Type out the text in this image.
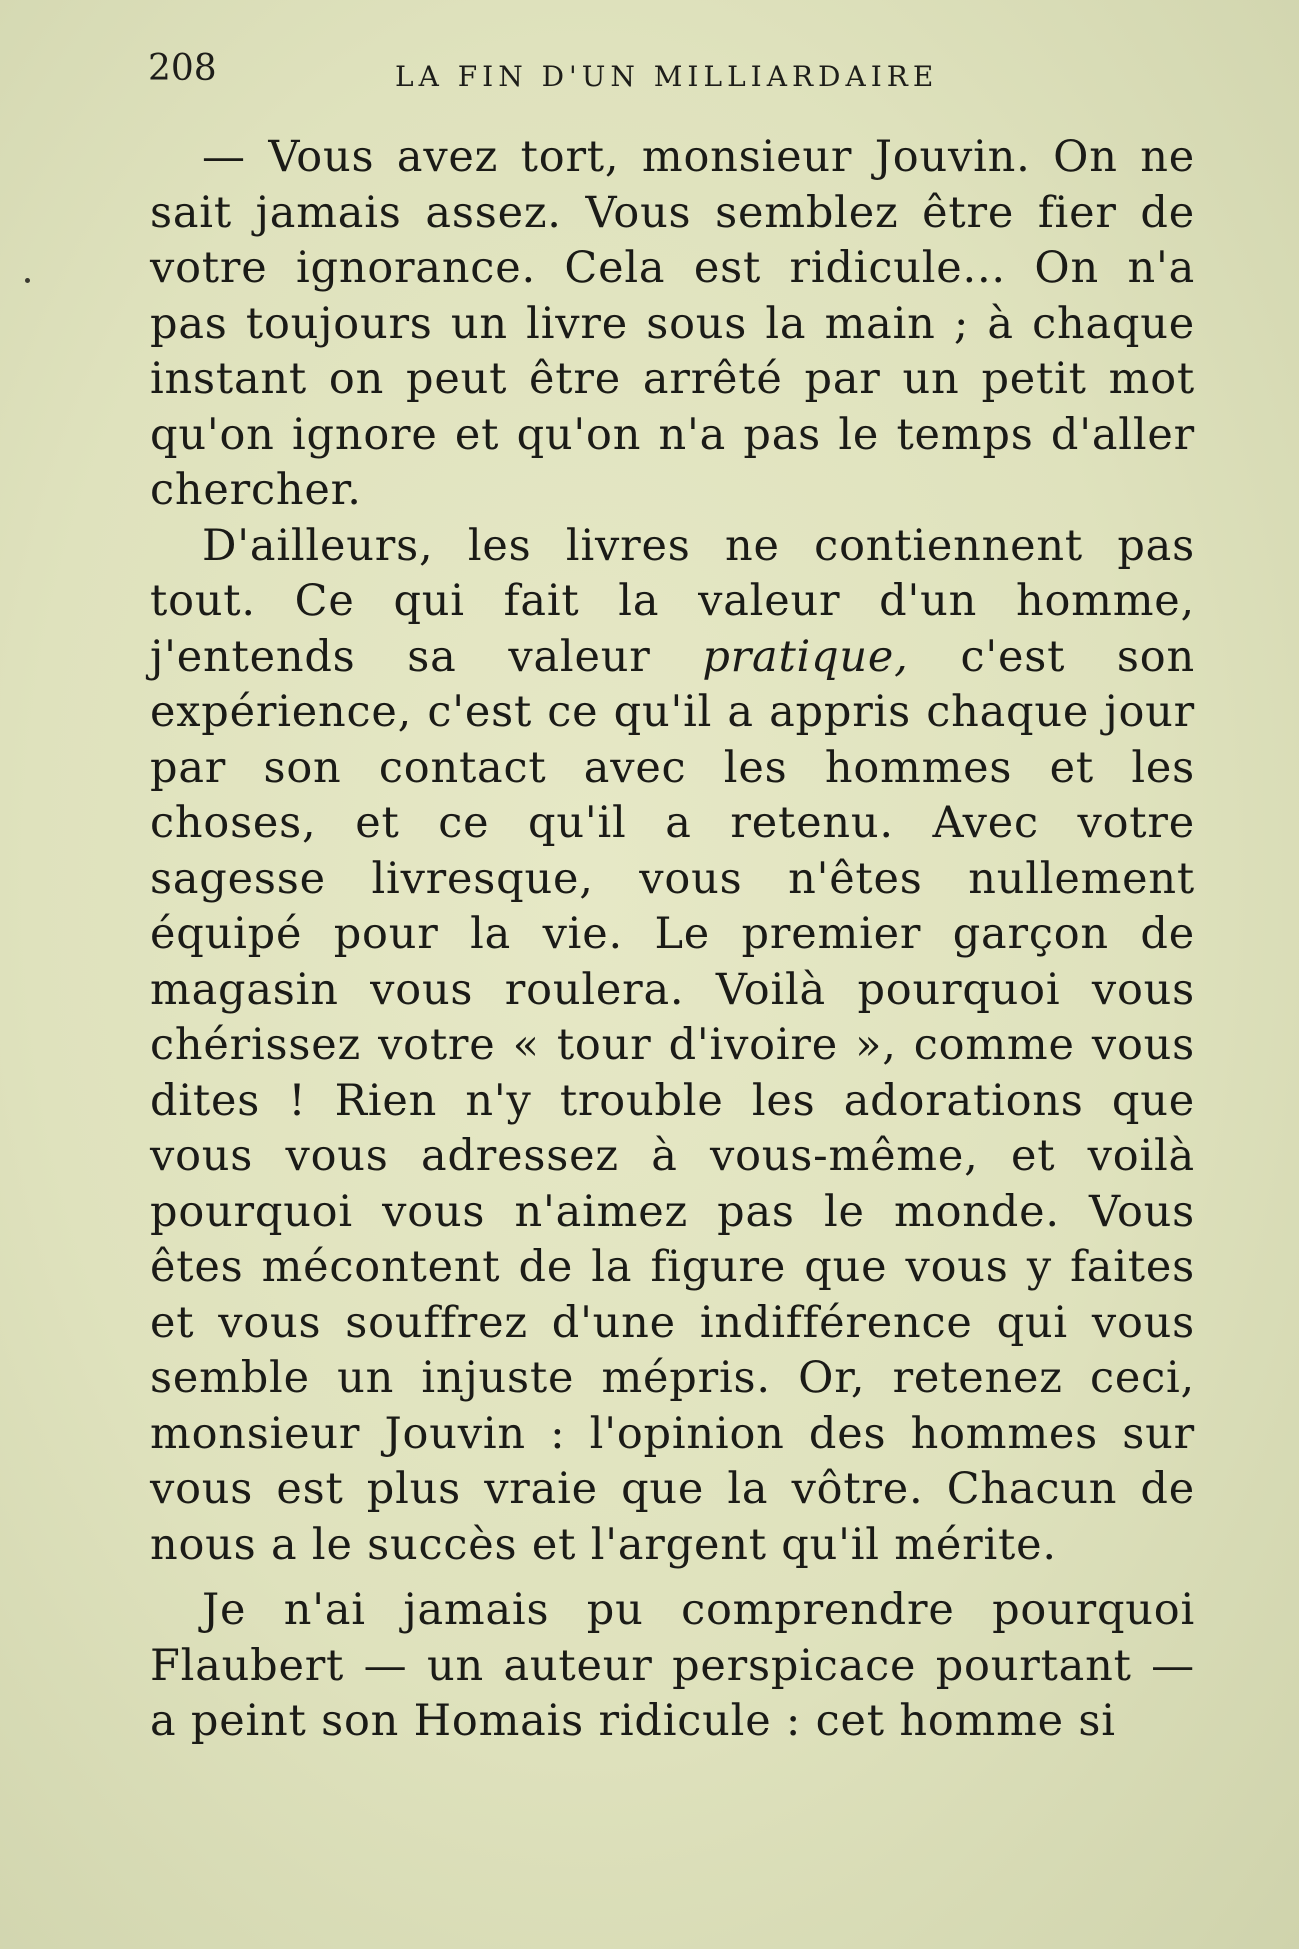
208	LA FIN D'UN MILLIARDAIRE

— Vous avez tort, monsieur Jouvin. On ne sait jamais assez. Vous semblez être fier de votre ignorance. Cela est ridicule... On n'a pas toujours un livre sous la main ; à chaque instant on peut être arrêté par un petit mot qu'on ignore et qu'on n'a pas le temps d'aller chercher.

D'ailleurs, les livres ne contiennent pas tout. Ce qui fait la valeur d'un homme, j'entends sa valeur pratique, c'est son expérience, c'est ce qu'il a appris chaque jour par son contact avec les hommes et les choses, et ce qu'il a retenu. Avec votre sagesse livresque, vous n'êtes nullement équipé pour la vie. Le premier garçon de magasin vous roulera. Voilà pourquoi vous chérissez votre « tour d'ivoire », comme vous dites ! Rien n'y trouble les adorations que vous vous adressez à vous-même, et voilà pourquoi vous n'aimez pas le monde. Vous êtes mécontent de la figure que vous y faites et vous souffrez d'une indifférence qui vous semble un injuste mépris. Or, retenez ceci, monsieur Jouvin : l'opinion des hommes sur vous est plus vraie que la vôtre. Chacun de nous a le succès et l'argent qu'il mérite.

Je n'ai jamais pu comprendre pourquoi Flaubert — un auteur perspicace pourtant — a peint son Homais ridicule : cet homme si
